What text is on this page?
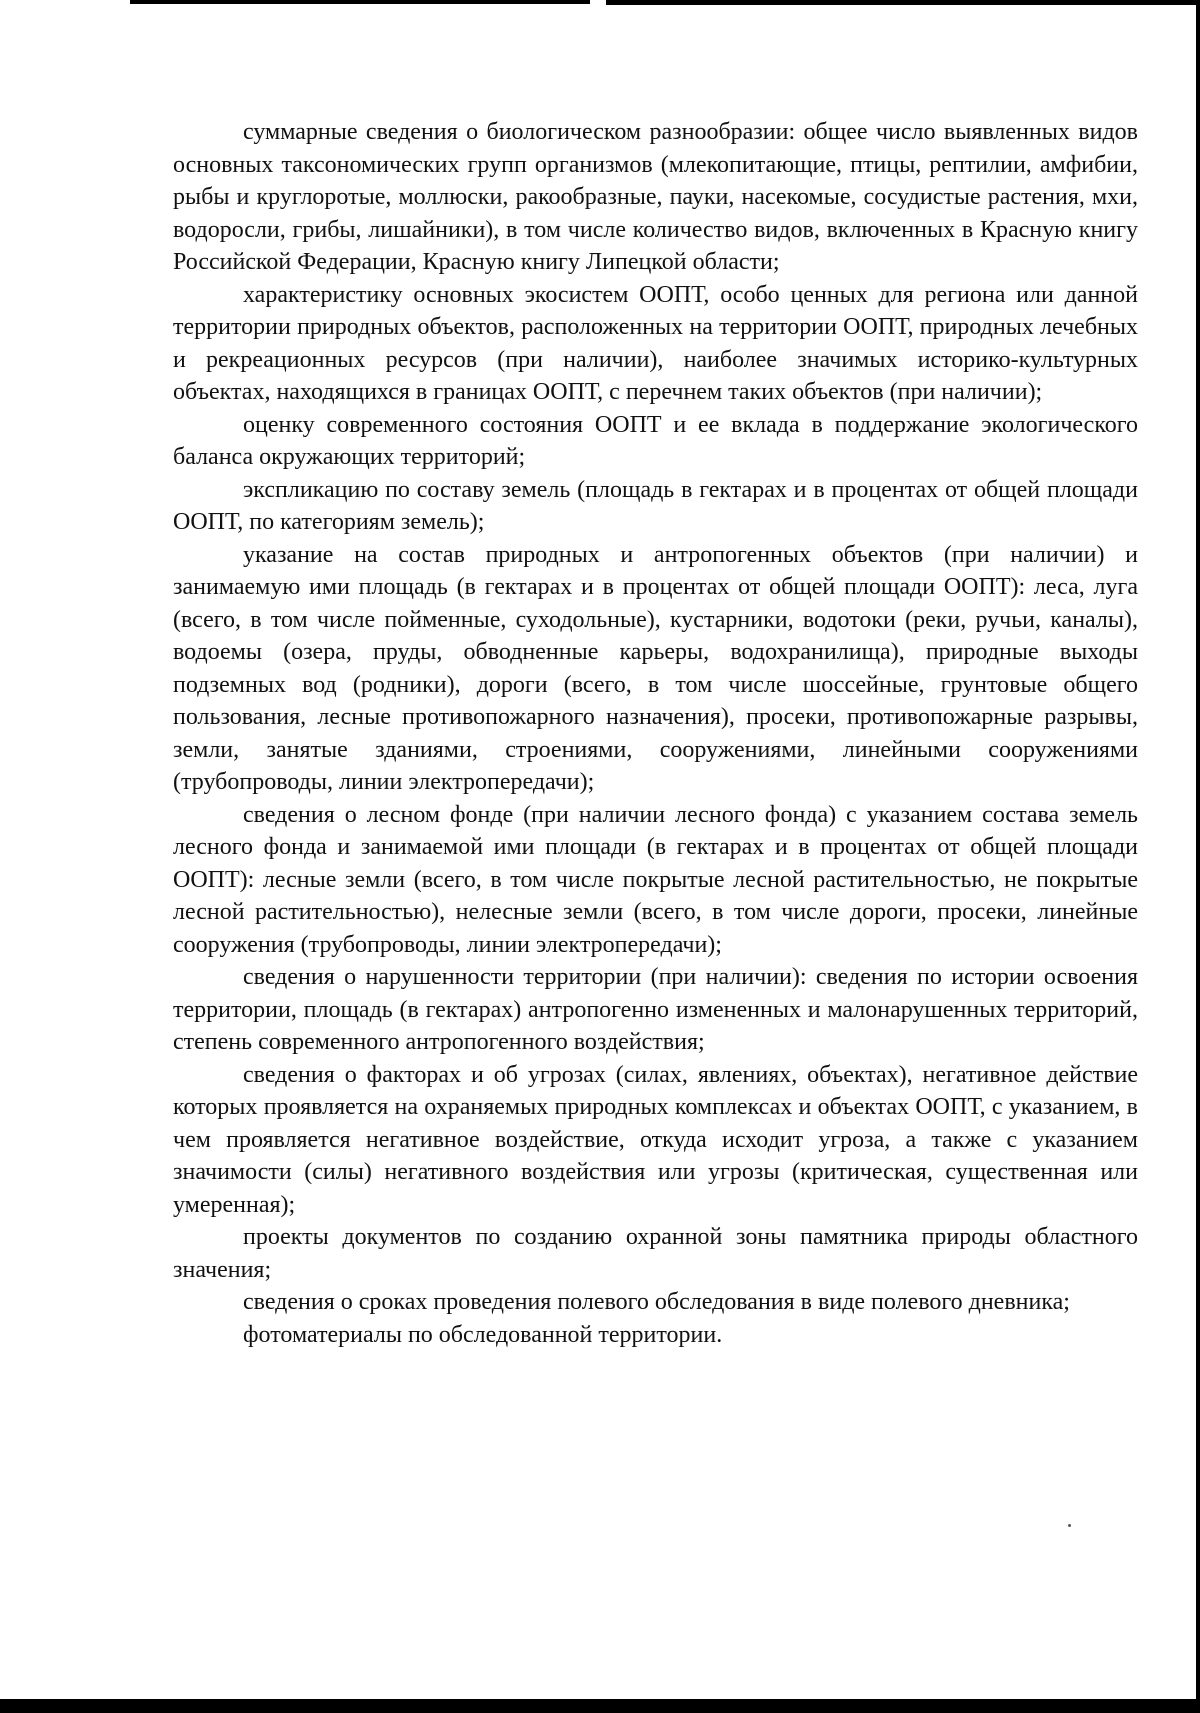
суммарные сведения о биологическом разнообразии: общее число выявленных видов основных таксономических групп организмов (млекопитающие, птицы, рептилии, амфибии, рыбы и круглоротые, моллюски, ракообразные, пауки, насекомые, сосудистые растения, мхи, водоросли, грибы, лишайники), в том числе количество видов, включенных в Красную книгу Российской Федерации, Красную книгу Липецкой области;

характеристику основных экосистем ООПТ, особо ценных для региона или данной территории природных объектов, расположенных на территории ООПТ, природных лечебных и рекреационных ресурсов (при наличии), наиболее значимых историко-культурных объектах, находящихся в границах ООПТ, с перечнем таких объектов (при наличии);

оценку современного состояния ООПТ и ее вклада в поддержание экологического баланса окружающих территорий;

экспликацию по составу земель (площадь в гектарах и в процентах от общей площади ООПТ, по категориям земель);

указание на состав природных и антропогенных объектов (при наличии) и занимаемую ими площадь (в гектарах и в процентах от общей площади ООПТ): леса, луга (всего, в том числе пойменные, суходольные), кустарники, водотоки (реки, ручьи, каналы), водоемы (озера, пруды, обводненные карьеры, водохранилища), природные выходы подземных вод (родники), дороги (всего, в том числе шоссейные, грунтовые общего пользования, лесные противопожарного назначения), просеки, противопожарные разрывы, земли, занятые зданиями, строениями, сооружениями, линейными сооружениями (трубопроводы, линии электропередачи);

сведения о лесном фонде (при наличии лесного фонда) с указанием состава земель лесного фонда и занимаемой ими площади (в гектарах и в процентах от общей площади ООПТ): лесные земли (всего, в том числе покрытые лесной растительностью, не покрытые лесной растительностью), нелесные земли (всего, в том числе дороги, просеки, линейные сооружения (трубопроводы, линии электропередачи);

сведения о нарушенности территории (при наличии): сведения по истории освоения территории, площадь (в гектарах) антропогенно измененных и малонарушенных территорий, степень современного антропогенного воздействия;

сведения о факторах и об угрозах (силах, явлениях, объектах), негативное действие которых проявляется на охраняемых природных комплексах и объектах ООПТ, с указанием, в чем проявляется негативное воздействие, откуда исходит угроза, а также с указанием значимости (силы) негативного воздействия или угрозы (критическая, существенная или умеренная);

проекты документов по созданию охранной зоны памятника природы областного значения;

сведения о сроках проведения полевого обследования в виде полевого дневника;

фотоматериалы по обследованной территории.
